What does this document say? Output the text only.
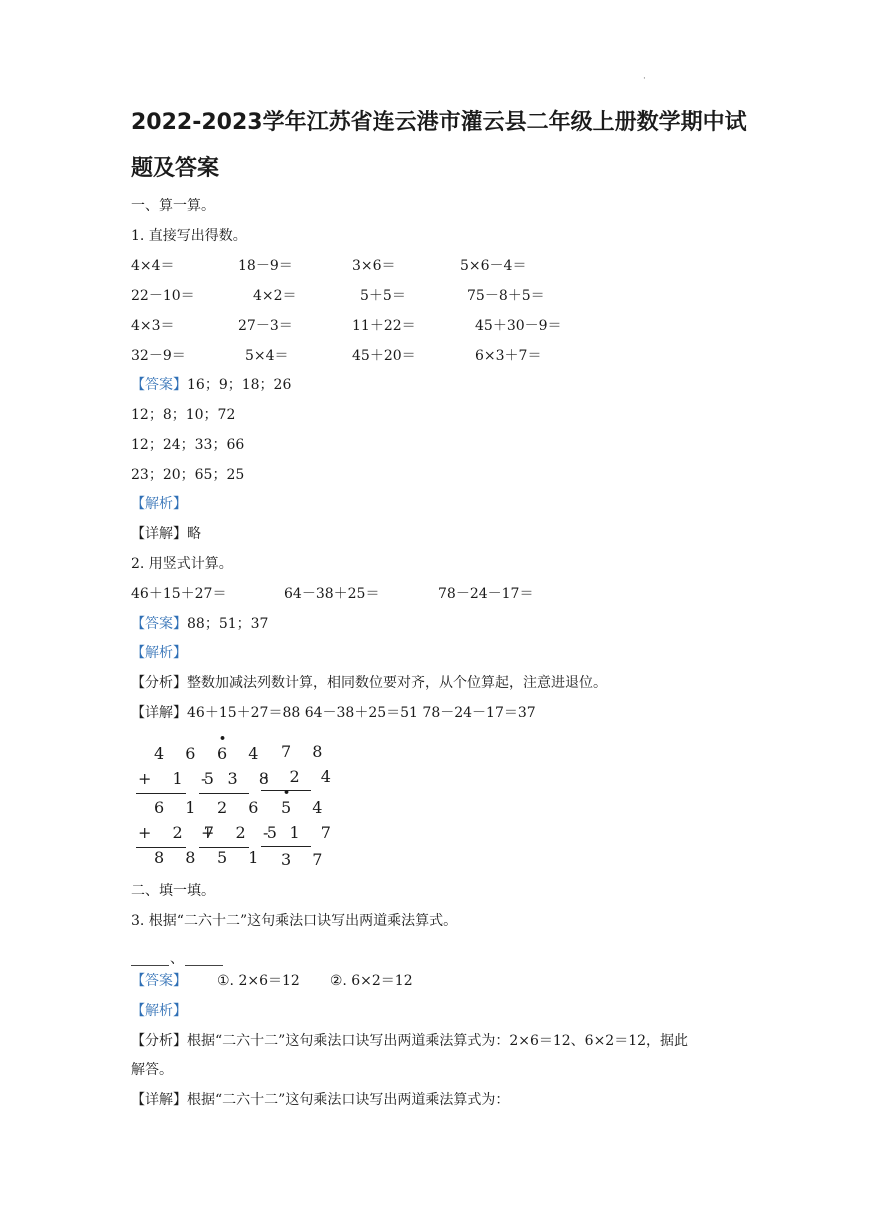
·
2022-2023学年江苏省连云港市灌云县二年级上册数学期中试题及答案
一、算一算。
1. 直接写出得数。
4×4＝	18－9＝	3×6＝	5×6－4＝
22－10＝	4×2＝	5＋5＝	75－8＋5＝
4×3＝	27－3＝	11＋22＝	45＋30－9＝
32－9＝	5×4＝	45＋20＝	6×3＋7＝
【答案】16；9；18；26
12；8；10；72
12；24；33；66
23；20；65；25
【解析】
【详解】略
2. 用竖式计算。
46＋15＋27＝	64－38＋25＝	78－24－17＝
【答案】88；51；37
【解析】
【分析】整数加减法列数计算，相同数位要对齐，从个位算起，注意进退位。
【详解】46＋15＋27＝88 64－38＋25＝51 78－24－17＝37
4 6
+ 1 5
6 1
+ 2 7
8 8
•
6 4
- 3 8
2 6
+ 2 5
5 1
7 8
- 2 4
•
5 4
- 1 7
3 7
二、填一填。
3. 根据“二六十二”这句乘法口诀写出两道乘法算式。
、
【答案】 ①. 2×6＝12 ②. 6×2＝12
【解析】
【分析】根据“二六十二”这句乘法口诀写出两道乘法算式为：2×6＝12、6×2＝12，据此
解答。
【详解】根据“二六十二”这句乘法口诀写出两道乘法算式为：
